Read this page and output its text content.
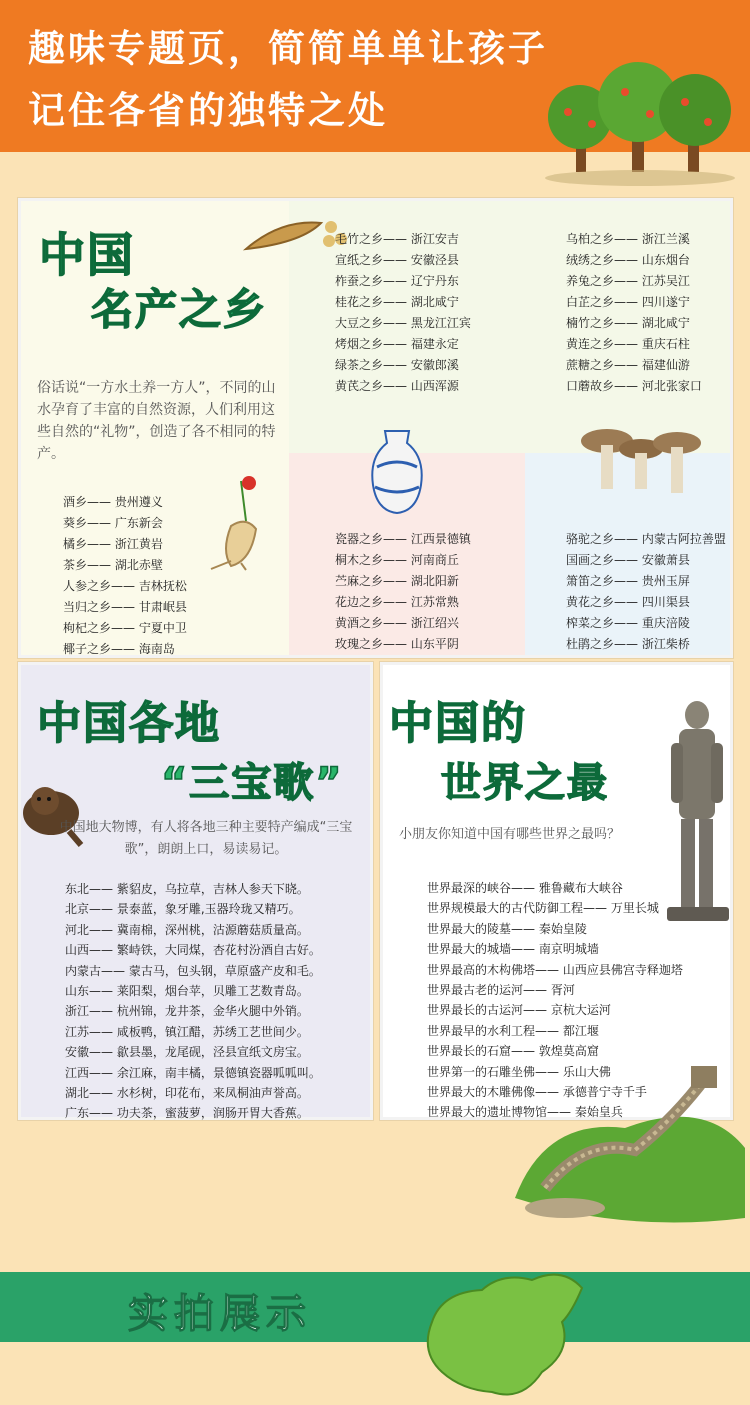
趣味专题页，简简单单让孩子
记住各省的独特之处
中国
名产之乡
俗话说“一方水土养一方人”，不同的山水孕育了丰富的自然资源，人们利用这些自然的“礼物”，创造了各不相同的特产。
酒乡—— 贵州遵义
葵乡—— 广东新会
橘乡—— 浙江黄岩
茶乡—— 湖北赤壁
人参之乡—— 吉林抚松
当归之乡—— 甘肃岷县
枸杞之乡—— 宁夏中卫
椰子之乡—— 海南岛
毛竹之乡—— 浙江安吉
宣纸之乡—— 安徽泾县
柞蚕之乡—— 辽宁丹东
桂花之乡—— 湖北咸宁
大豆之乡—— 黑龙江江宾
烤烟之乡—— 福建永定
绿茶之乡—— 安徽郎溪
黄芪之乡—— 山西浑源
乌柏之乡—— 浙江兰溪
绒绣之乡—— 山东烟台
养兔之乡—— 江苏吴江
白芷之乡—— 四川遂宁
楠竹之乡—— 湖北咸宁
黄连之乡—— 重庆石柱
蔗糖之乡—— 福建仙游
口蘑故乡—— 河北张家口
瓷器之乡—— 江西景德镇
桐木之乡—— 河南商丘
苎麻之乡—— 湖北阳新
花边之乡—— 江苏常熟
黄酒之乡—— 浙江绍兴
玫瑰之乡—— 山东平阴
骆驼之乡—— 内蒙古阿拉善盟
国画之乡—— 安徽萧县
箫笛之乡—— 贵州玉屏
黄花之乡—— 四川渠县
榨菜之乡—— 重庆涪陵
杜鹃之乡—— 浙江柴桥
中国各地
“三宝歌”
中国地大物博，有人将各地三种主要特产编成“三宝歌”，朗朗上口，易读易记。
东北—— 紫貂皮，乌拉草，吉林人参天下晓。
北京—— 景泰蓝，象牙雕,玉器玲珑又精巧。
河北—— 冀南棉，深州桃，沽源蘑菇质量高。
山西—— 繁峙铁，大同煤，杏花村汾酒自古好。
内蒙古—— 蒙古马，包头钢，草原盛产皮和毛。
山东—— 莱阳梨，烟台苹，贝雕工艺数青岛。
浙江—— 杭州锦，龙井茶，金华火腿中外销。
江苏—— 咸板鸭，镇江醋，苏绣工艺世间少。
安徽—— 歙县墨，龙尾砚，泾县宣纸文房宝。
江西—— 余江麻，南丰橘，景德镇瓷器呱呱叫。
湖北—— 水杉树，印花布，来凤桐油声誉高。
广东—— 功夫茶，蜜菠萝，润肠开胃大香蕉。
中国的
世界之最
小朋友你知道中国有哪些世界之最吗？
世界最深的峡谷—— 雅鲁藏布大峡谷
世界规模最大的古代防御工程—— 万里长城
世界最大的陵墓—— 秦始皇陵
世界最大的城墙—— 南京明城墙
世界最高的木构佛塔—— 山西应县佛宫寺释迦塔
世界最古老的运河—— 胥河
世界最长的古运河—— 京杭大运河
世界最早的水利工程—— 都江堰
世界最长的石窟—— 敦煌莫高窟
世界第一的石雕坐佛—— 乐山大佛
世界最大的木雕佛像—— 承德普宁寺千手
世界最大的遗址博物馆—— 秦始皇兵
实拍展示
